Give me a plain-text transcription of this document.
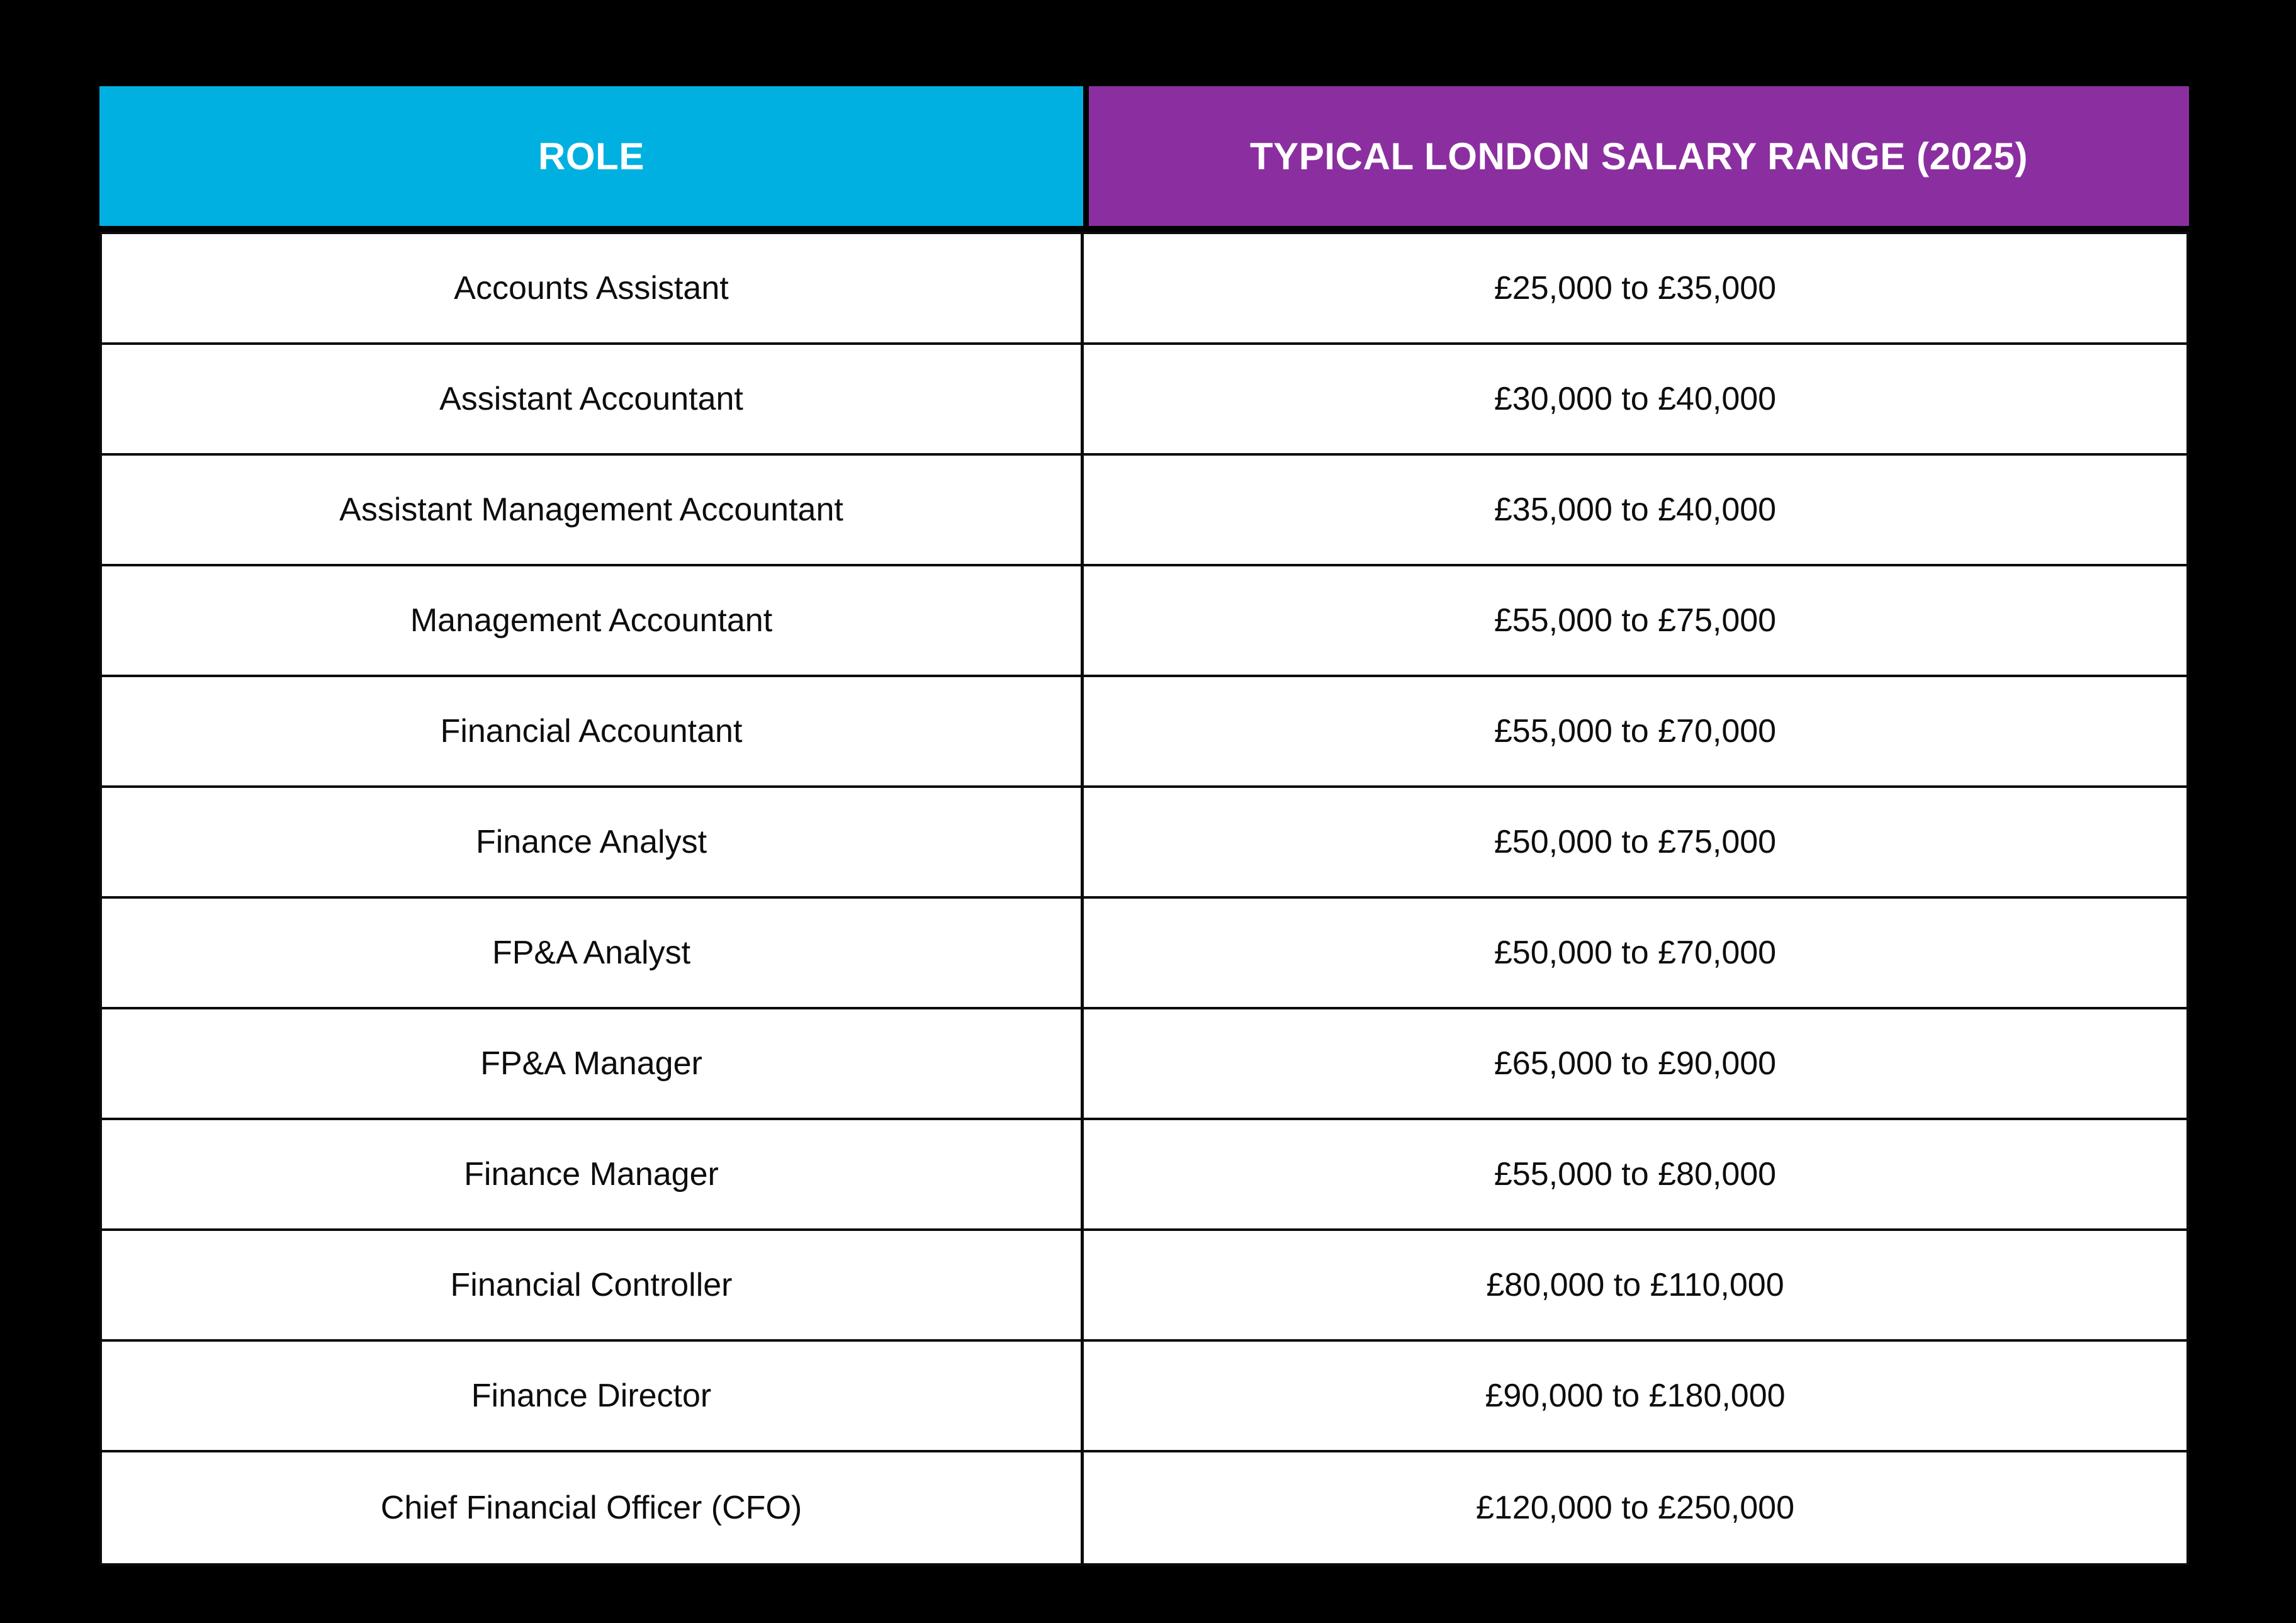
ROLE	TYPICAL LONDON SALARY RANGE (2025)
Accounts Assistant	£25,000 to £35,000
Assistant Accountant	£30,000 to £40,000
Assistant Management Accountant	£35,000 to £40,000
Management Accountant	£55,000 to £75,000
Financial Accountant	£55,000 to £70,000
Finance Analyst	£50,000 to £75,000
FP&A Analyst	£50,000 to £70,000
FP&A Manager	£65,000 to £90,000
Finance Manager	£55,000 to £80,000
Financial Controller	£80,000 to £110,000
Finance Director	£90,000 to £180,000
Chief Financial Officer (CFO)	£120,000 to £250,000
